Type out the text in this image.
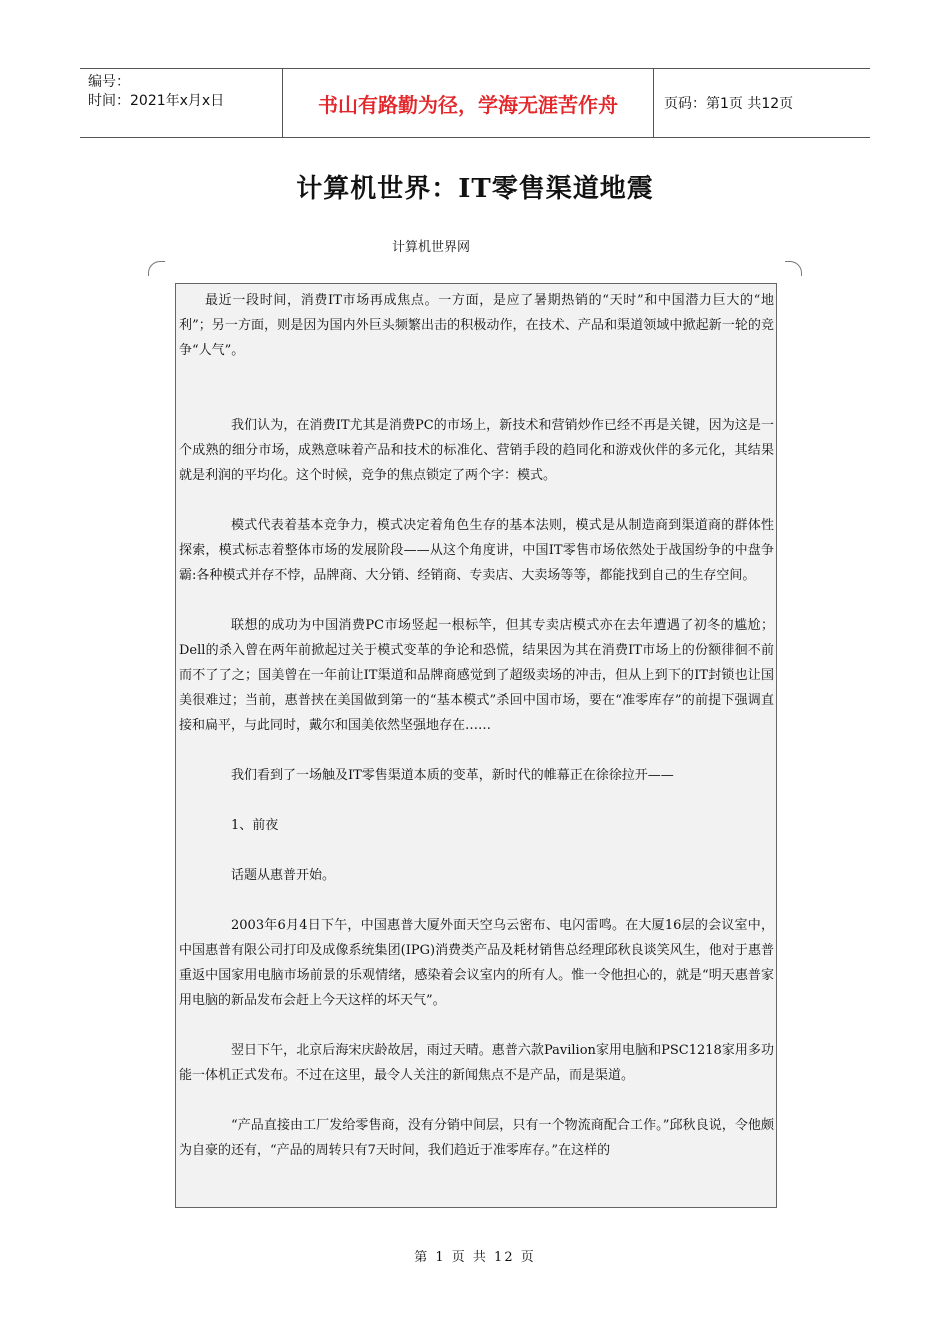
编号：
时间：2021年x月x日	书山有路勤为径，学海无涯苦作舟	页码：第1页 共12页
计算机世界：IT零售渠道地震
计算机世界网

最近一段时间，消费IT市场再成焦点。一方面，是应了暑期热销的“天时”和中国潜力巨大的“地利”；另一方面，则是因为国内外巨头频繁出击的积极动作，在技术、产品和渠道领域中掀起新一轮的竞争“人气”。

我们认为，在消费IT尤其是消费PC的市场上，新技术和营销炒作已经不再是关键，因为这是一个成熟的细分市场，成熟意味着产品和技术的标准化、营销手段的趋同化和游戏伙伴的多元化，其结果就是利润的平均化。这个时候，竞争的焦点锁定了两个字：模式。

模式代表着基本竞争力，模式决定着角色生存的基本法则，模式是从制造商到渠道商的群体性探索，模式标志着整体市场的发展阶段——从这个角度讲，中国IT零售市场依然处于战国纷争的中盘争霸:各种模式并存不悖，品牌商、大分销、经销商、专卖店、大卖场等等，都能找到自己的生存空间。

联想的成功为中国消费PC市场竖起一根标竿，但其专卖店模式亦在去年遭遇了初冬的尴尬；Dell的杀入曾在两年前掀起过关于模式变革的争论和恐慌，结果因为其在消费IT市场上的份额徘徊不前而不了了之；国美曾在一年前让IT渠道和品牌商感觉到了超级卖场的冲击，但从上到下的IT封锁也让国美很难过；当前，惠普挟在美国做到第一的“基本模式”杀回中国市场，要在“准零库存”的前提下强调直接和扁平，与此同时，戴尔和国美依然坚强地存在……

我们看到了一场触及IT零售渠道本质的变革，新时代的帷幕正在徐徐拉开——

1、前夜

话题从惠普开始。

2003年6月4日下午，中国惠普大厦外面天空乌云密布、电闪雷鸣。在大厦16层的会议室中，中国惠普有限公司打印及成像系统集团(IPG)消费类产品及耗材销售总经理邱秋良谈笑风生，他对于惠普重返中国家用电脑市场前景的乐观情绪，感染着会议室内的所有人。惟一令他担心的，就是“明天惠普家用电脑的新品发布会赶上今天这样的坏天气”。

翌日下午，北京后海宋庆龄故居，雨过天晴。惠普六款Pavilion家用电脑和PSC1218家用多功能一体机正式发布。不过在这里，最令人关注的新闻焦点不是产品，而是渠道。

“产品直接由工厂发给零售商，没有分销中间层，只有一个物流商配合工作。”邱秋良说，令他颇为自豪的还有，“产品的周转只有7天时间，我们趋近于准零库存。”在这样的

第 1 页 共 12 页
